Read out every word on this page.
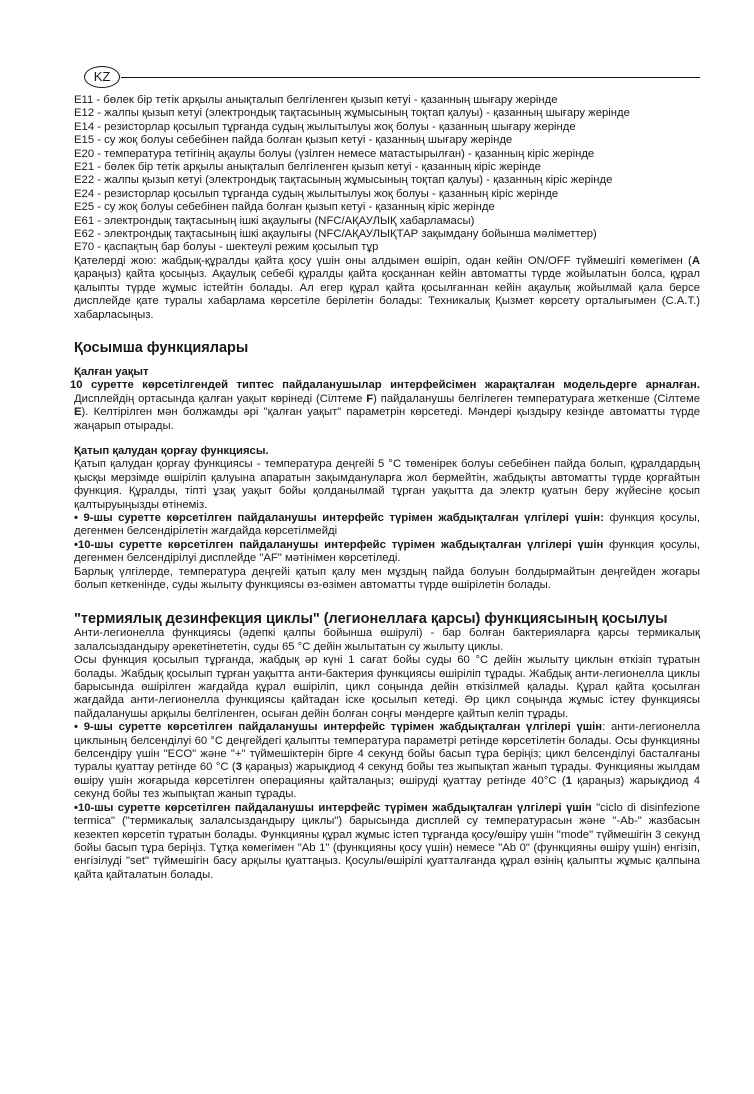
KZ

E11 - бөлек бір тетік арқылы анықталып белгіленген қызып кетуі - қазанның шығару жерінде

E12 - жалпы қызып кетуі (электрондық тақтасының жұмысының тоқтап қалуы) - қазанның шығару жерінде

E14 - резисторлар қосылып тұрғанда судың жылытылуы жоқ болуы - қазанның шығару жерінде

E15 - су жоқ болуы себебінен пайда болған қызып кетуі - қазанның шығару жерінде

E20 - температура тетігінің ақаулы болуы (үзілген немесе матастырылған) - қазанның кіріс жерінде

E21 - бөлек бір тетік арқылы анықталып белгіленген қызып кетуі - қазанның кіріс жерінде

E22 - жалпы қызып кетуі (электрондық тақтасының жұмысының тоқтап қалуы) - қазанның кіріс жерінде

E24 - резисторлар қосылып тұрғанда судың жылытылуы жоқ болуы - қазанның кіріс жерінде

E25 - су жоқ болуы себебінен пайда болған қызып кетуі - қазанның кіріс жерінде

E61 - электрондық тақтасының ішкі ақаулығы (NFC/АҚАУЛЫҚ хабарламасы)

E62 - электрондық тақтасының ішкі ақаулығы (NFC/АҚАУЛЫҚТАР зақымдану бойынша мәліметтер)

E70 - қаспақтың бар болуы - шектеулі режим қосылып тұр

Қателерді жою: жабдық-құралды қайта қосу үшін оны алдымен өшіріп, одан кейін ON/OFF түймешігі көмегімен (A қараңыз) қайта қосыңыз. Ақаулық себебі құралды қайта қосқаннан кейін автоматты түрде жойылатын болса, құрал қалыпты түрде жұмыс істейтін болады. Ал егер құрал қайта қосылғаннан кейін ақаулық жойылмай қала берсе дисплейде қате туралы хабарлама көрсетіле берілетін болады: Техникалық Қызмет көрсету орталығымен (С.А.Т.) хабарласыңыз.

Қосымша функциялары
Қалған уақыт

10 суретте көрсетілгендей типтес пайдаланушылар интерфейсімен жарақталған модельдерге арналған. Дисплейдің ортасында қалған уақыт көрінеді (Сілтеме F) пайдаланушы белгілеген температураға жеткенше (Сілтеме E). Келтірілген мән болжамды әрі "қалған уақыт" параметрін көрсетеді. Мәндері қыздыру кезінде автоматты түрде жаңарып отырады.

Қатып қалудан қорғау функциясы.

Қатып қалудан қорғау функциясы - температура деңгейі 5 °С төменірек болуы себебінен пайда болып, құралдардың қысқы мерзімде өшіріліп қалуына апаратын зақымдануларға жол бермейтін, жабдықты автоматты түрде қорғайтын функция. Құралды, тіпті ұзақ уақыт бойы қолданылмай тұрған уақытта да электр қуатын беру жүйесіне қосып қалтыруыңызды өтінеміз.

• 9-шы суретте көрсетілген пайдаланушы интерфейс түрімен жабдықталған үлгілері үшін: функция қосулы, дегенмен белсендірілетін жағдайда көрсетілмейді

•10-шы суретте көрсетілген пайдаланушы интерфейс түрімен жабдықталған үлгілері үшін функция қосулы, дегенмен белсендірілуі дисплейде "AF" мәтінімен көрсетіледі.

Барлық үлгілерде, температура деңгейі қатып қалу мен мұздың пайда болуын болдырмайтын деңгейден жоғары болып кеткенінде, суды жылыту функциясы өз-өзімен автоматты түрде өшірілетін болады.

"термиялық дезинфекция циклы" (легионеллаға қарсы) функциясының қосылуы

Анти-легионелла функциясы (әдепкі қалпы бойынша өшірулі) - бар болған бактерияларға қарсы термикалық залалсыздандыру әрекетінететін, суды 65 °С дейін жылытатын су жылыту циклы.

Осы функция қосылып тұрғанда, жабдық әр күні 1 сағат бойы суды 60 °С дейін жылыту циклын өткізіп тұратын болады. Жабдық қосылып тұрған уақытта анти-бактерия функциясы өшіріліп тұрады. Жабдық анти-легионелла циклы барысында өшірілген жағдайда құрал өшіріліп, цикл соңында дейін өткізілмей қалады. Құрал қайта қосылған жағдайда анти-легионелла функциясы қайтадан іске қосылып кетеді. Әр цикл соңында жұмыс істеу функциясы пайдаланушы арқылы белгіленген, осыған дейін болған соңғы мәндерге қайтып келіп тұрады.

• 9-шы суретте көрсетілген пайдаланушы интерфейс түрімен жабдықталған үлгілері үшін: анти-легионелла циклының белсенділуі 60 °С деңгейдегі қалыпты температура параметрі ретінде көрсетілетін болады. Осы функцияны белсендіру үшін "ECO" және "+" түймешіктерін бірге 4 секунд бойы басып тұра беріңіз; цикл белсенділуі басталғаны туралы қуаттау ретінде 60 °С (3 қараңыз) жарықдиод 4 секунд бойы тез жыпықтап жанып тұрады. Функцияны жылдам өшіру үшін жоғарыда көрсетілген операцияны қайталаңыз; өшіруді қуаттау ретінде 40°С (1 қараңыз) жарықдиод 4 секунд бойы тез жыпықтап жанып тұрады.

•10-шы суретте көрсетілген пайдаланушы интерфейс түрімен жабдықталған үлгілері үшін "ciclo di disinfezione termica" ("термикалық залалсыздандыру циклы") барысында дисплей су температурасын және "-Ab-" жазбасын кезектеп көрсетіп тұратын болады. Функцияны құрал жұмыс істеп тұрғанда қосу/өшіру үшін "mode" түймешігін 3 секунд бойы басып тұра беріңіз. Тұтқа көмегімен "Ab 1" (функцияны қосу үшін) немесе "Ab 0" (функцияны өшіру үшін) енгізіп, енгізілуді "set" түймешігін басу арқылы қуаттаңыз. Қосулы/өшірілі қуатталғанда құрал өзінің қалыпты жұмыс қалпына қайта қайталатын болады.
